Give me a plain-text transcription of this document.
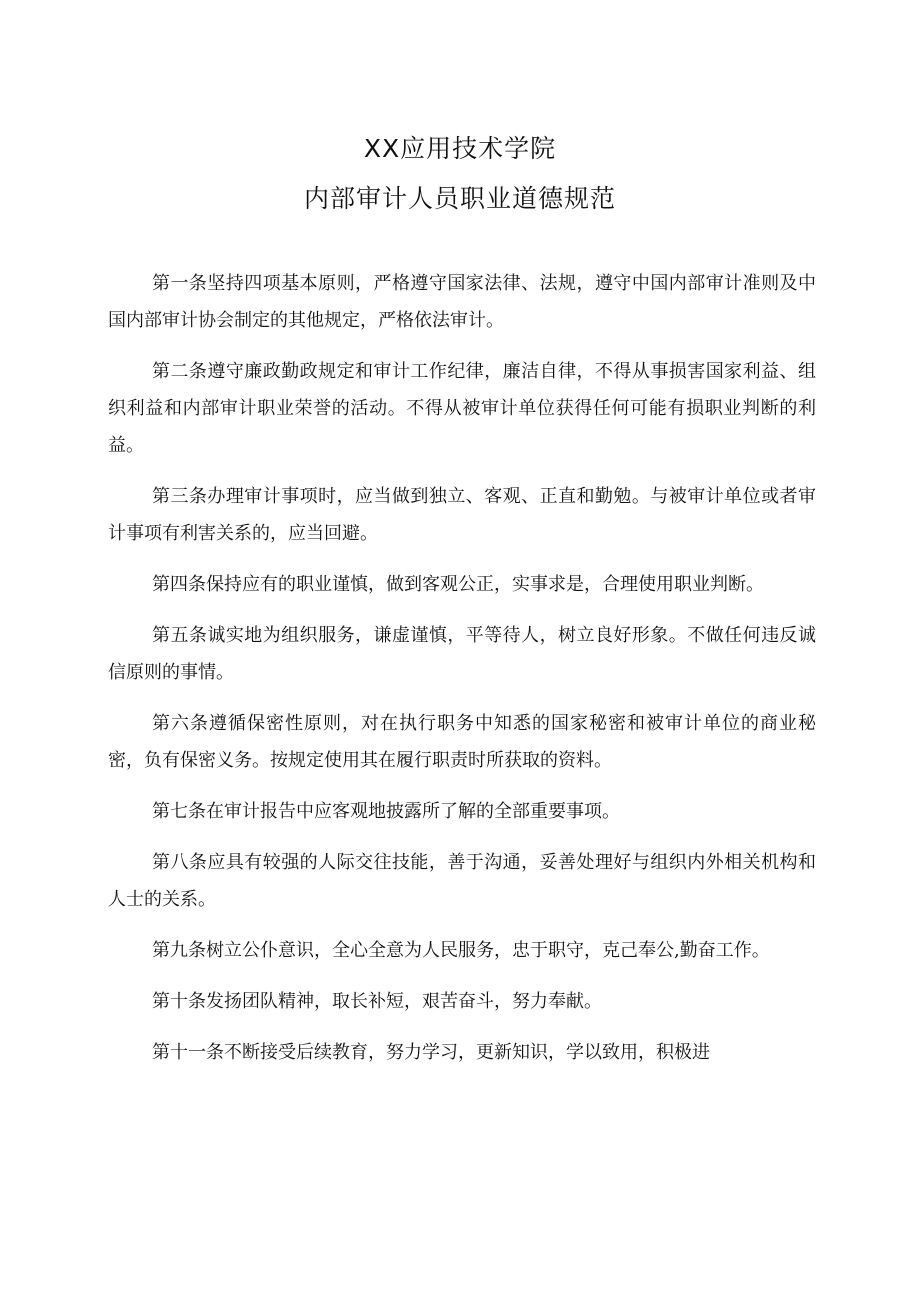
XX应用技术学院
内部审计人员职业道德规范

第一条坚持四项基本原则，严格遵守国家法律、法规，遵守中国内部审计准则及中国内部审计协会制定的其他规定，严格依法审计。

第二条遵守廉政勤政规定和审计工作纪律，廉洁自律，不得从事损害国家利益、组织利益和内部审计职业荣誉的活动。不得从被审计单位获得任何可能有损职业判断的利益。

第三条办理审计事项时，应当做到独立、客观、正直和勤勉。与被审计单位或者审计事项有利害关系的，应当回避。

第四条保持应有的职业谨慎，做到客观公正，实事求是，合理使用职业判断。

第五条诚实地为组织服务，谦虚谨慎，平等待人，树立良好形象。不做任何违反诚信原则的事情。

第六条遵循保密性原则，对在执行职务中知悉的国家秘密和被审计单位的商业秘密，负有保密义务。按规定使用其在履行职责时所获取的资料。

第七条在审计报告中应客观地披露所了解的全部重要事项。

第八条应具有较强的人际交往技能，善于沟通，妥善处理好与组织内外相关机构和人士的关系。

第九条树立公仆意识，全心全意为人民服务，忠于职守，克己奉公,勤奋工作。

第十条发扬团队精神，取长补短，艰苦奋斗，努力奉献。

第十一条不断接受后续教育，努力学习，更新知识，学以致用，积极进
